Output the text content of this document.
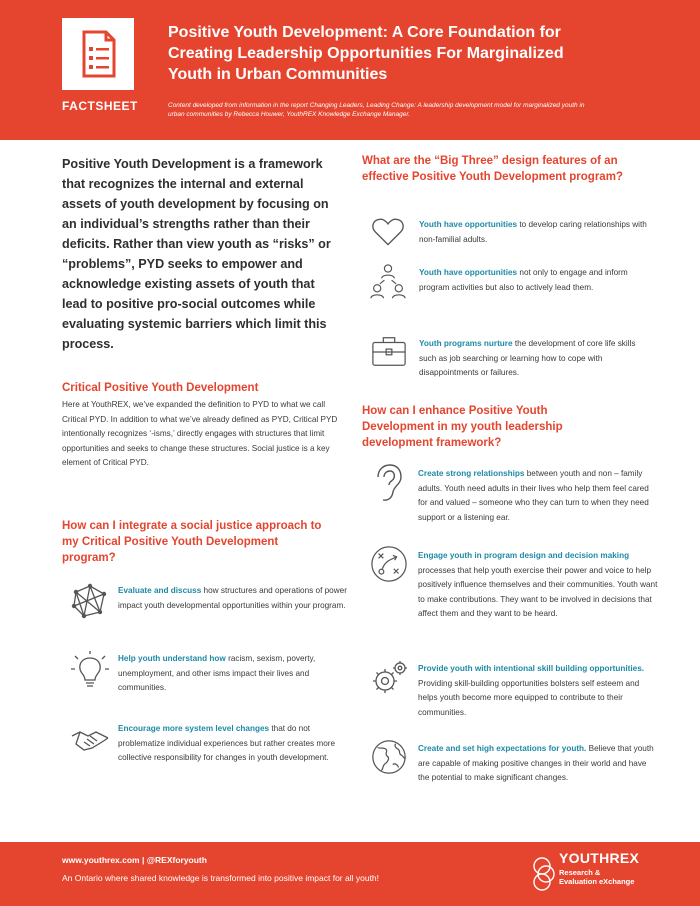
FACTSHEET
Positive Youth Development: A Core Foundation for
Creating Leadership Opportunities For Marginalized
Youth in Urban Communities
Content developed from information in the report Changing Leaders, Leading Change: A leadership development model for marginalized youth in
urban communities by Rebecca Houwer, YouthREX Knowledge Exchange Manager.
Positive Youth Development is a framework that recognizes the internal and external assets of youth development by focusing on an individual’s strengths rather than their deficits. Rather than view youth as “risks” or “problems”, PYD seeks to empower and acknowledge existing assets of youth that lead to positive pro-social outcomes while evaluating systemic barriers which limit this process.
Critical Positive Youth Development
Here at YouthREX, we’ve expanded the definition to PYD to what we call Critical PYD. In addition to what we’ve already defined as PYD, Critical PYD intentionally recognizes ‘-isms,’ directly engages with structures that limit opportunities and seeks to change these structures. Social justice is a key element of Critical PYD.
How can I integrate a social justice approach to my Critical Positive Youth Development program?
Evaluate and discuss how structures and operations of power impact youth developmental opportunities within your program.
Help youth understand how racism, sexism, poverty, unemployment, and other isms impact their lives and communities.
Encourage more system level changes that do not problematize individual experiences but rather creates more collective responsibility for changes in youth development.
What are the “Big Three” design features of an effective Positive Youth Development program?
Youth have opportunities to develop caring relationships with non-familial adults.
Youth have opportunities not only to engage and inform program activities but also to actively lead them.
Youth programs nurture the development of core life skills such as job searching or learning how to cope with disappointments or failures.
How can I enhance Positive Youth Development in my youth leadership development framework?
Create strong relationships between youth and non – family adults. Youth need adults in their lives who help them feel cared for and valued – someone who they can turn to when they need support or a listening ear.
Engage youth in program design and decision making processes that help youth exercise their power and voice to help positively influence themselves and their communities. Youth want to make contributions. They want to be involved in decisions that affect them and they want to be heard.
Provide youth with intentional skill building opportunities. Providing skill-building opportunities bolsters self esteem and helps youth become more equipped to contribute to their communities.
Create and set high expectations for youth. Believe that youth are capable of making positive changes in their world and have the potential to make significant changes.
www.youthrex.com | @REXforyouth
An Ontario where shared knowledge is transformed into positive impact for all youth!
YOUTHREX
Research &
Evaluation eXchange
